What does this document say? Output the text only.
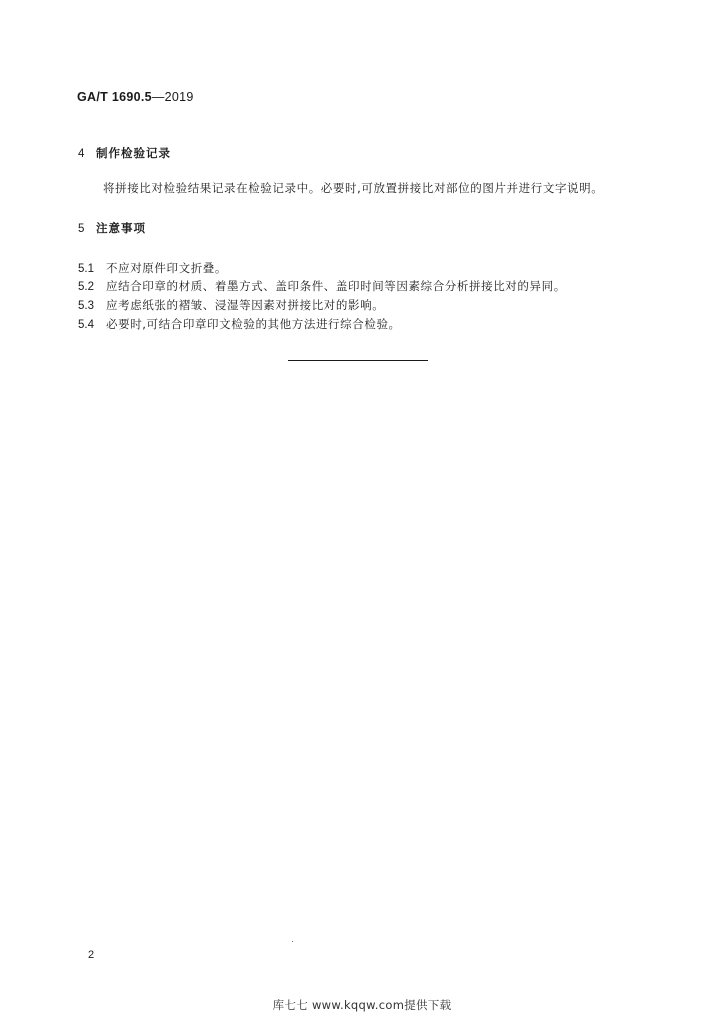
GA/T 1690.5—2019
4 制作检验记录
将拼接比对检验结果记录在检验记录中。必要时,可放置拼接比对部位的图片并进行文字说明。
5 注意事项
5.1 不应对原件印文折叠。
5.2 应结合印章的材质、着墨方式、盖印条件、盖印时间等因素综合分析拼接比对的异同。
5.3 应考虑纸张的褶皱、浸湿等因素对拼接比对的影响。
5.4 必要时,可结合印章印文检验的其他方法进行综合检验。
2
库七七 www.kqqw.com提供下载
